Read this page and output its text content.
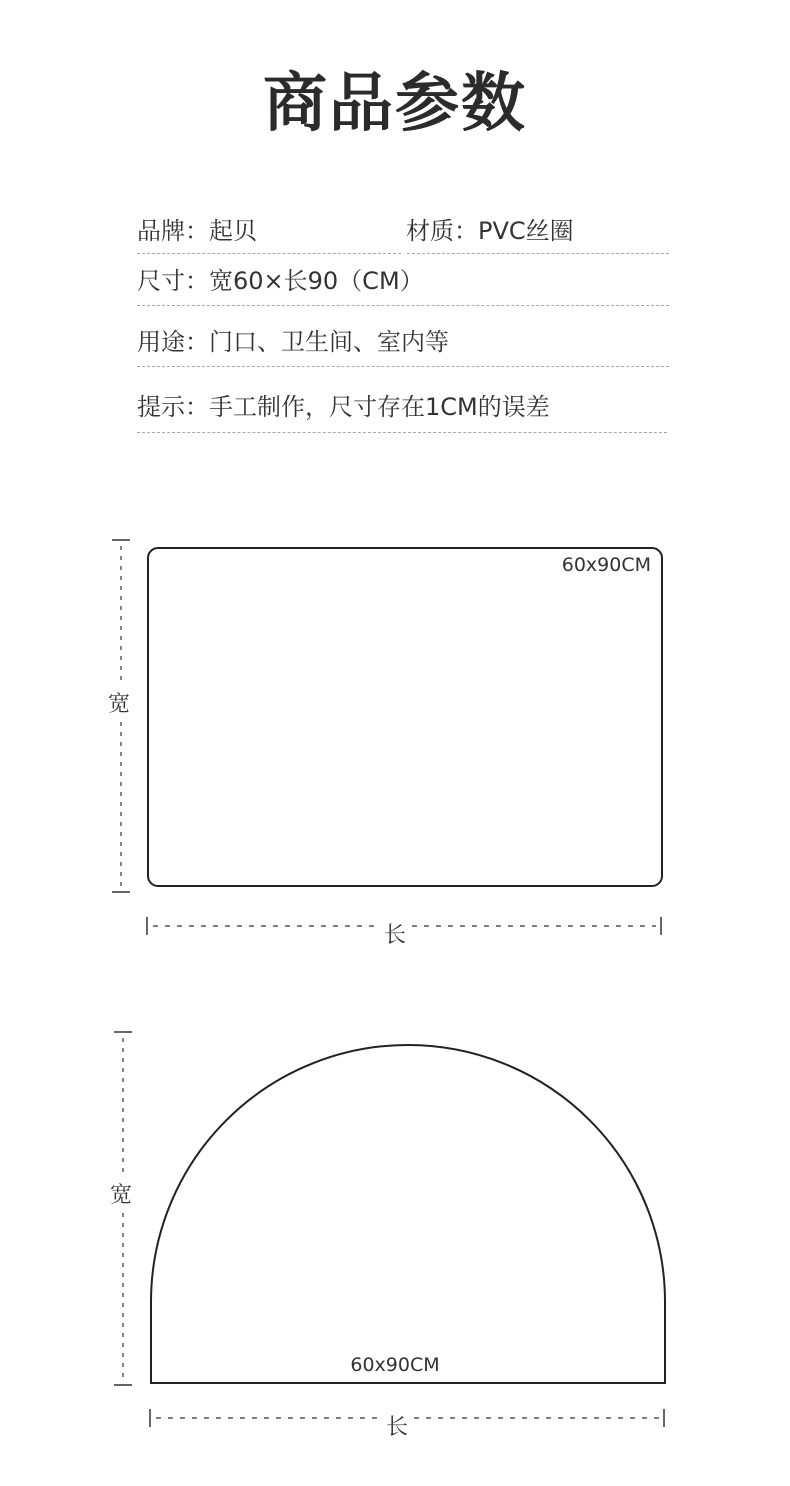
商品参数
品牌：起贝	材质：PVC丝圈
尺寸：宽60×长90（CM）
用途：门口、卫生间、室内等
提示：手工制作，尺寸存在1CM的误差
宽
60x90CM
长
宽
60x90CM
长
